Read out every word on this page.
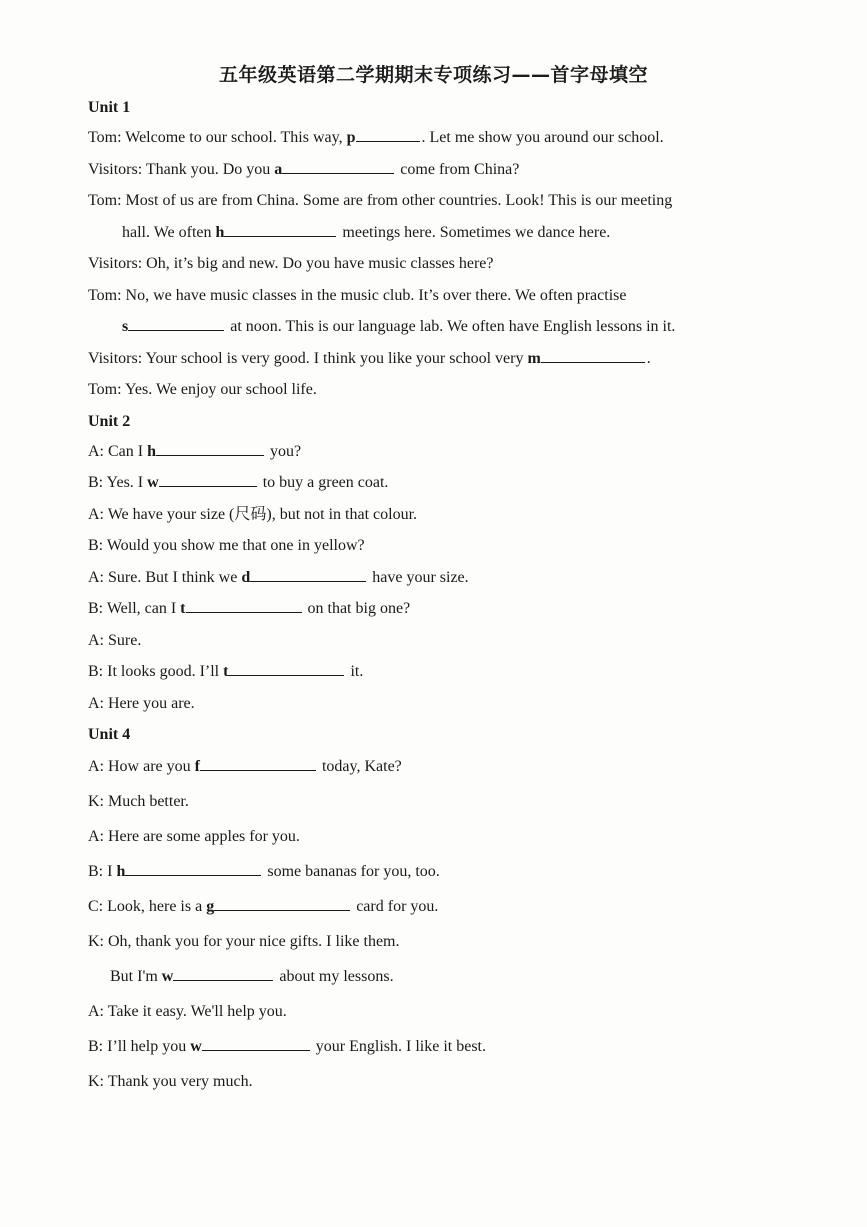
五年级英语第二学期期末专项练习——首字母填空
Unit 1
Tom: Welcome to our school. This way, p	. Let me show you around our school.
Visitors: Thank you. Do you a	come from China?
Tom: Most of us are from China. Some are from other countries. Look! This is our meeting
hall. We often h	meetings here. Sometimes we dance here.
Visitors: Oh, it’s big and new. Do you have music classes here?
Tom: No, we have music classes in the music club. It’s over there. We often practise
s	at noon. This is our language lab. We often have English lessons in it.
Visitors: Your school is very good. I think you like your school very m	.
Tom: Yes. We enjoy our school life.
Unit 2
A: Can I h	you?
B: Yes. I w	to buy a green coat.
A: We have your size (尺码), but not in that colour.
B: Would you show me that one in yellow?
A: Sure. But I think we d	have your size.
B: Well, can I t	on that big one?
A: Sure.
B: It looks good. I’ll t	it.
A: Here you are.
Unit 4
A: How are you f	today, Kate?
K: Much better.
A: Here are some apples for you.
B: I h	some bananas for you, too.
C: Look, here is a g	card for you.
K: Oh, thank you for your nice gifts. I like them.
But I'm w	about my lessons.
A: Take it easy. We'll help you.
B: I’ll help you w	your English. I like it best.
K: Thank you very much.
